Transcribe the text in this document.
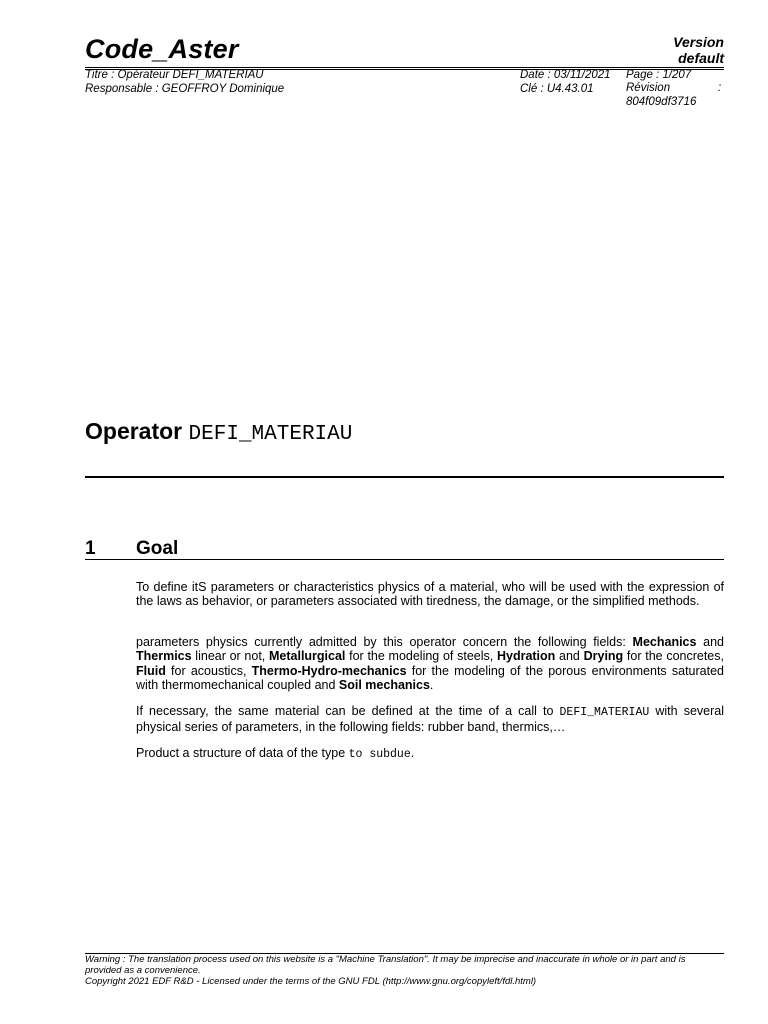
Code_Aster	Version
default
Titre : Opérateur DEFI_MATERIAU
Responsable : GEOFFROY Dominique
Date : 03/11/2021
Clé : U4.43.01
Page : 1/207
Révision	:
804f09df3716
Operator DEFI_MATERIAU
1 Goal

To define itS parameters or characteristics physics of a material, who will be used with the expression of the laws as behavior, or parameters associated with tiredness, the damage, or the simplified methods.

parameters physics currently admitted by this operator concern the following fields: Mechanics and Thermics linear or not, Metallurgical for the modeling of steels, Hydration and Drying for the concretes, Fluid for acoustics, Thermo-Hydro-mechanics for the modeling of the porous environments saturated with thermomechanical coupled and Soil mechanics.

If necessary, the same material can be defined at the time of a call to DEFI_MATERIAU with several physical series of parameters, in the following fields: rubber band, thermics,…

Product a structure of data of the type to subdue.

Warning : The translation process used on this website is a "Machine Translation". It may be imprecise and inaccurate in whole or in part and is provided as a convenience.
Copyright 2021 EDF R&D - Licensed under the terms of the GNU FDL (http://www.gnu.org/copyleft/fdl.html)
